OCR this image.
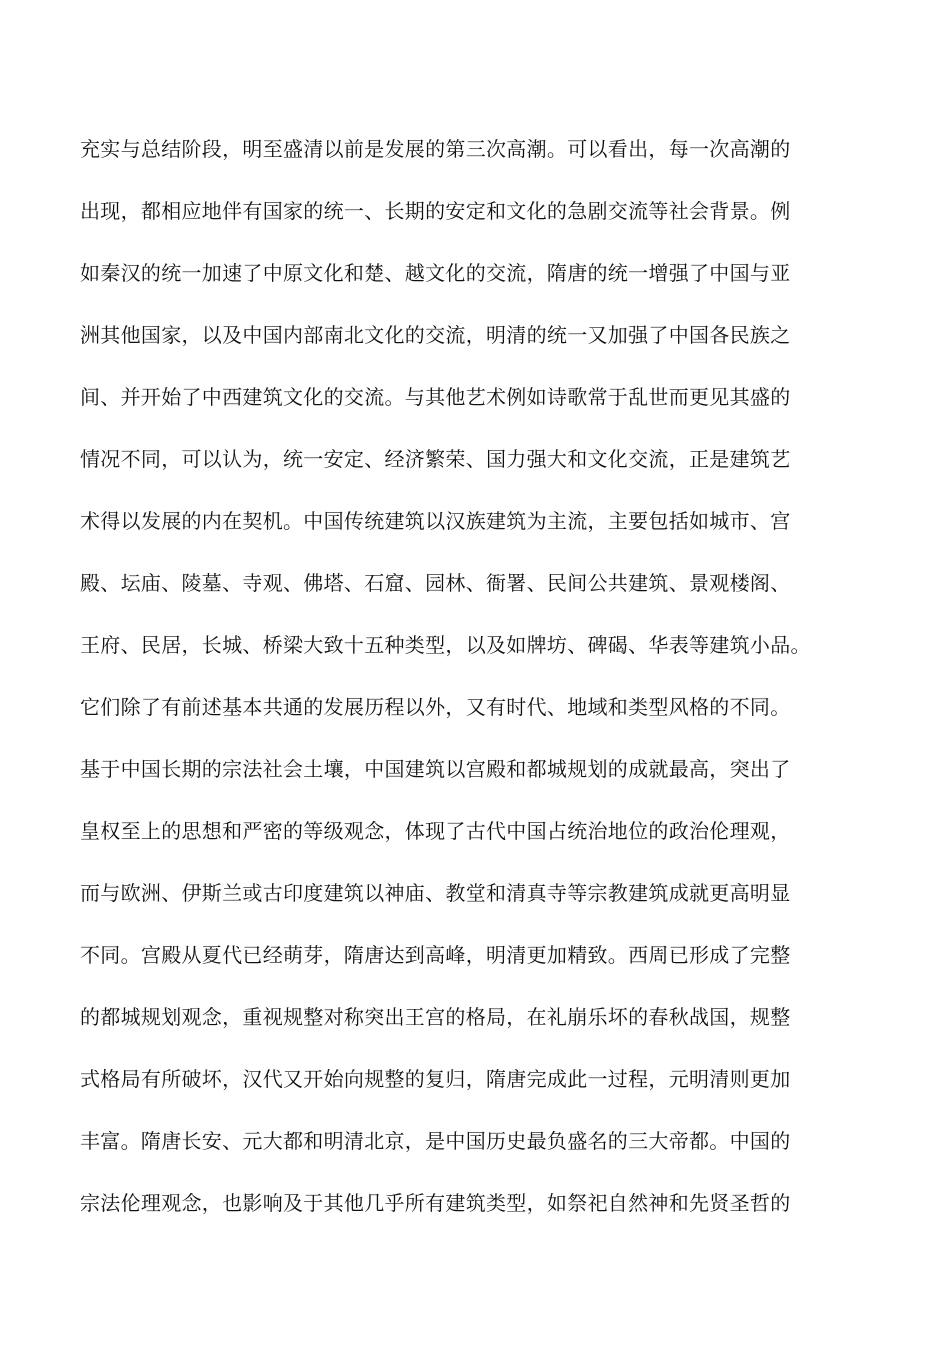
充实与总结阶段，明至盛清以前是发展的第三次高潮。可以看出，每一次高潮的
出现，都相应地伴有国家的统一、长期的安定和文化的急剧交流等社会背景。例
如秦汉的统一加速了中原文化和楚、越文化的交流，隋唐的统一增强了中国与亚
洲其他国家，以及中国内部南北文化的交流，明清的统一又加强了中国各民族之
间、并开始了中西建筑文化的交流。与其他艺术例如诗歌常于乱世而更见其盛的
情况不同，可以认为，统一安定、经济繁荣、国力强大和文化交流，正是建筑艺
术得以发展的内在契机。中国传统建筑以汉族建筑为主流，主要包括如城市、宫
殿、坛庙、陵墓、寺观、佛塔、石窟、园林、衙署、民间公共建筑、景观楼阁、
王府、民居，长城、桥梁大致十五种类型，以及如牌坊、碑碣、华表等建筑小品。
它们除了有前述基本共通的发展历程以外，又有时代、地域和类型风格的不同。
基于中国长期的宗法社会土壤，中国建筑以宫殿和都城规划的成就最高，突出了
皇权至上的思想和严密的等级观念，体现了古代中国占统治地位的政治伦理观，
而与欧洲、伊斯兰或古印度建筑以神庙、教堂和清真寺等宗教建筑成就更高明显
不同。宫殿从夏代已经萌芽，隋唐达到高峰，明清更加精致。西周已形成了完整
的都城规划观念，重视规整对称突出王宫的格局，在礼崩乐坏的春秋战国，规整
式格局有所破坏，汉代又开始向规整的复归，隋唐完成此一过程，元明清则更加
丰富。隋唐长安、元大都和明清北京，是中国历史最负盛名的三大帝都。中国的
宗法伦理观念，也影响及于其他几乎所有建筑类型，如祭祀自然神和先贤圣哲的
